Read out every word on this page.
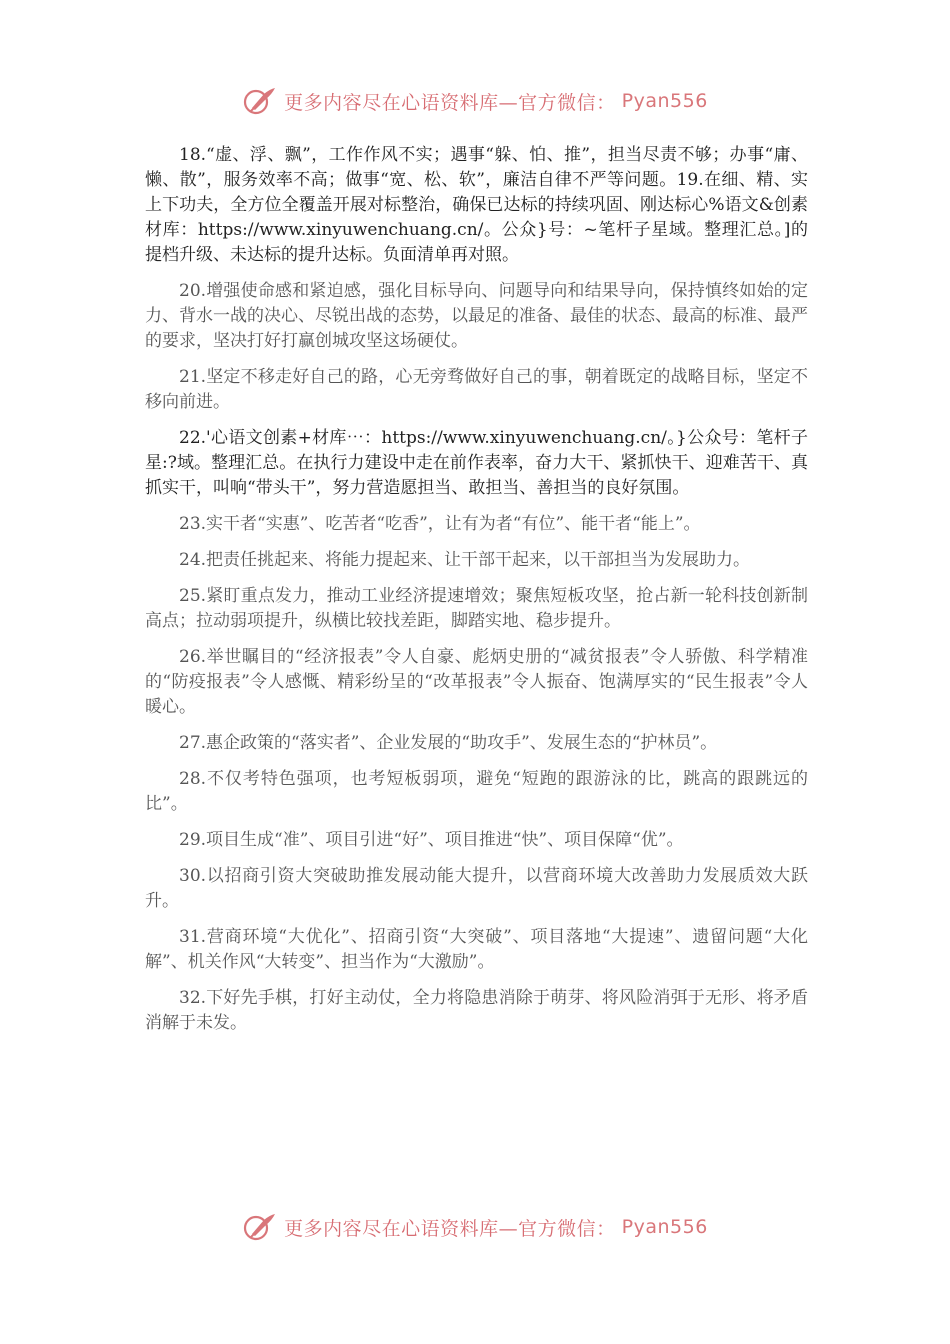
更多内容尽在心语资料库—官方微信： Pyan556

18.“虚、浮、飘”，工作作风不实；遇事“躲、怕、推”，担当尽责不够；办事“庸、懒、散”，服务效率不高；做事“宽、松、软”，廉洁自律不严等问题。19.在细、精、实上下功夫，全方位全覆盖开展对标整治，确保已达标的持续巩固、刚达标心%语文&创素材库：https://www.xinyuwenchuang.cn/。公众}号：~笔杆子星域。整理汇总。]的提档升级、未达标的提升达标。负面清单再对照。

20.增强使命感和紧迫感，强化目标导向、问题导向和结果导向，保持慎终如始的定力、背水一战的决心、尽锐出战的态势，以最足的准备、最佳的状态、最高的标准、最严的要求，坚决打好打赢创城攻坚这场硬仗。

21.坚定不移走好自己的路，心无旁骛做好自己的事，朝着既定的战略目标，坚定不移向前进。

22.'心语文创素+材库⋯：https://www.xinyuwenchuang.cn/。}公众号：笔杆子星:?域。整理汇总。在执行力建设中走在前作表率，奋力大干、紧抓快干、迎难苦干、真抓实干，叫响“带头干”，努力营造愿担当、敢担当、善担当的良好氛围。

23.实干者“实惠”、吃苦者“吃香”，让有为者“有位”、能干者“能上”。

24.把责任挑起来、将能力提起来、让干部干起来，以干部担当为发展助力。

25.紧盯重点发力，推动工业经济提速增效；聚焦短板攻坚，抢占新一轮科技创新制高点；拉动弱项提升，纵横比较找差距，脚踏实地、稳步提升。

26.举世瞩目的“经济报表”令人自豪、彪炳史册的“减贫报表”令人骄傲、科学精准的“防疫报表”令人感慨、精彩纷呈的“改革报表”令人振奋、饱满厚实的“民生报表”令人暖心。

27.惠企政策的“落实者”、企业发展的“助攻手”、发展生态的“护林员”。

28.不仅考特色强项，也考短板弱项，避免“短跑的跟游泳的比，跳高的跟跳远的比”。

29.项目生成“准”、项目引进“好”、项目推进“快”、项目保障“优”。

30.以招商引资大突破助推发展动能大提升，以营商环境大改善助力发展质效大跃升。

31.营商环境“大优化”、招商引资“大突破”、项目落地“大提速”、遗留问题“大化解”、机关作风“大转变”、担当作为“大激励”。

32.下好先手棋，打好主动仗，全力将隐患消除于萌芽、将风险消弭于无形、将矛盾消解于未发。

更多内容尽在心语资料库—官方微信： Pyan556
